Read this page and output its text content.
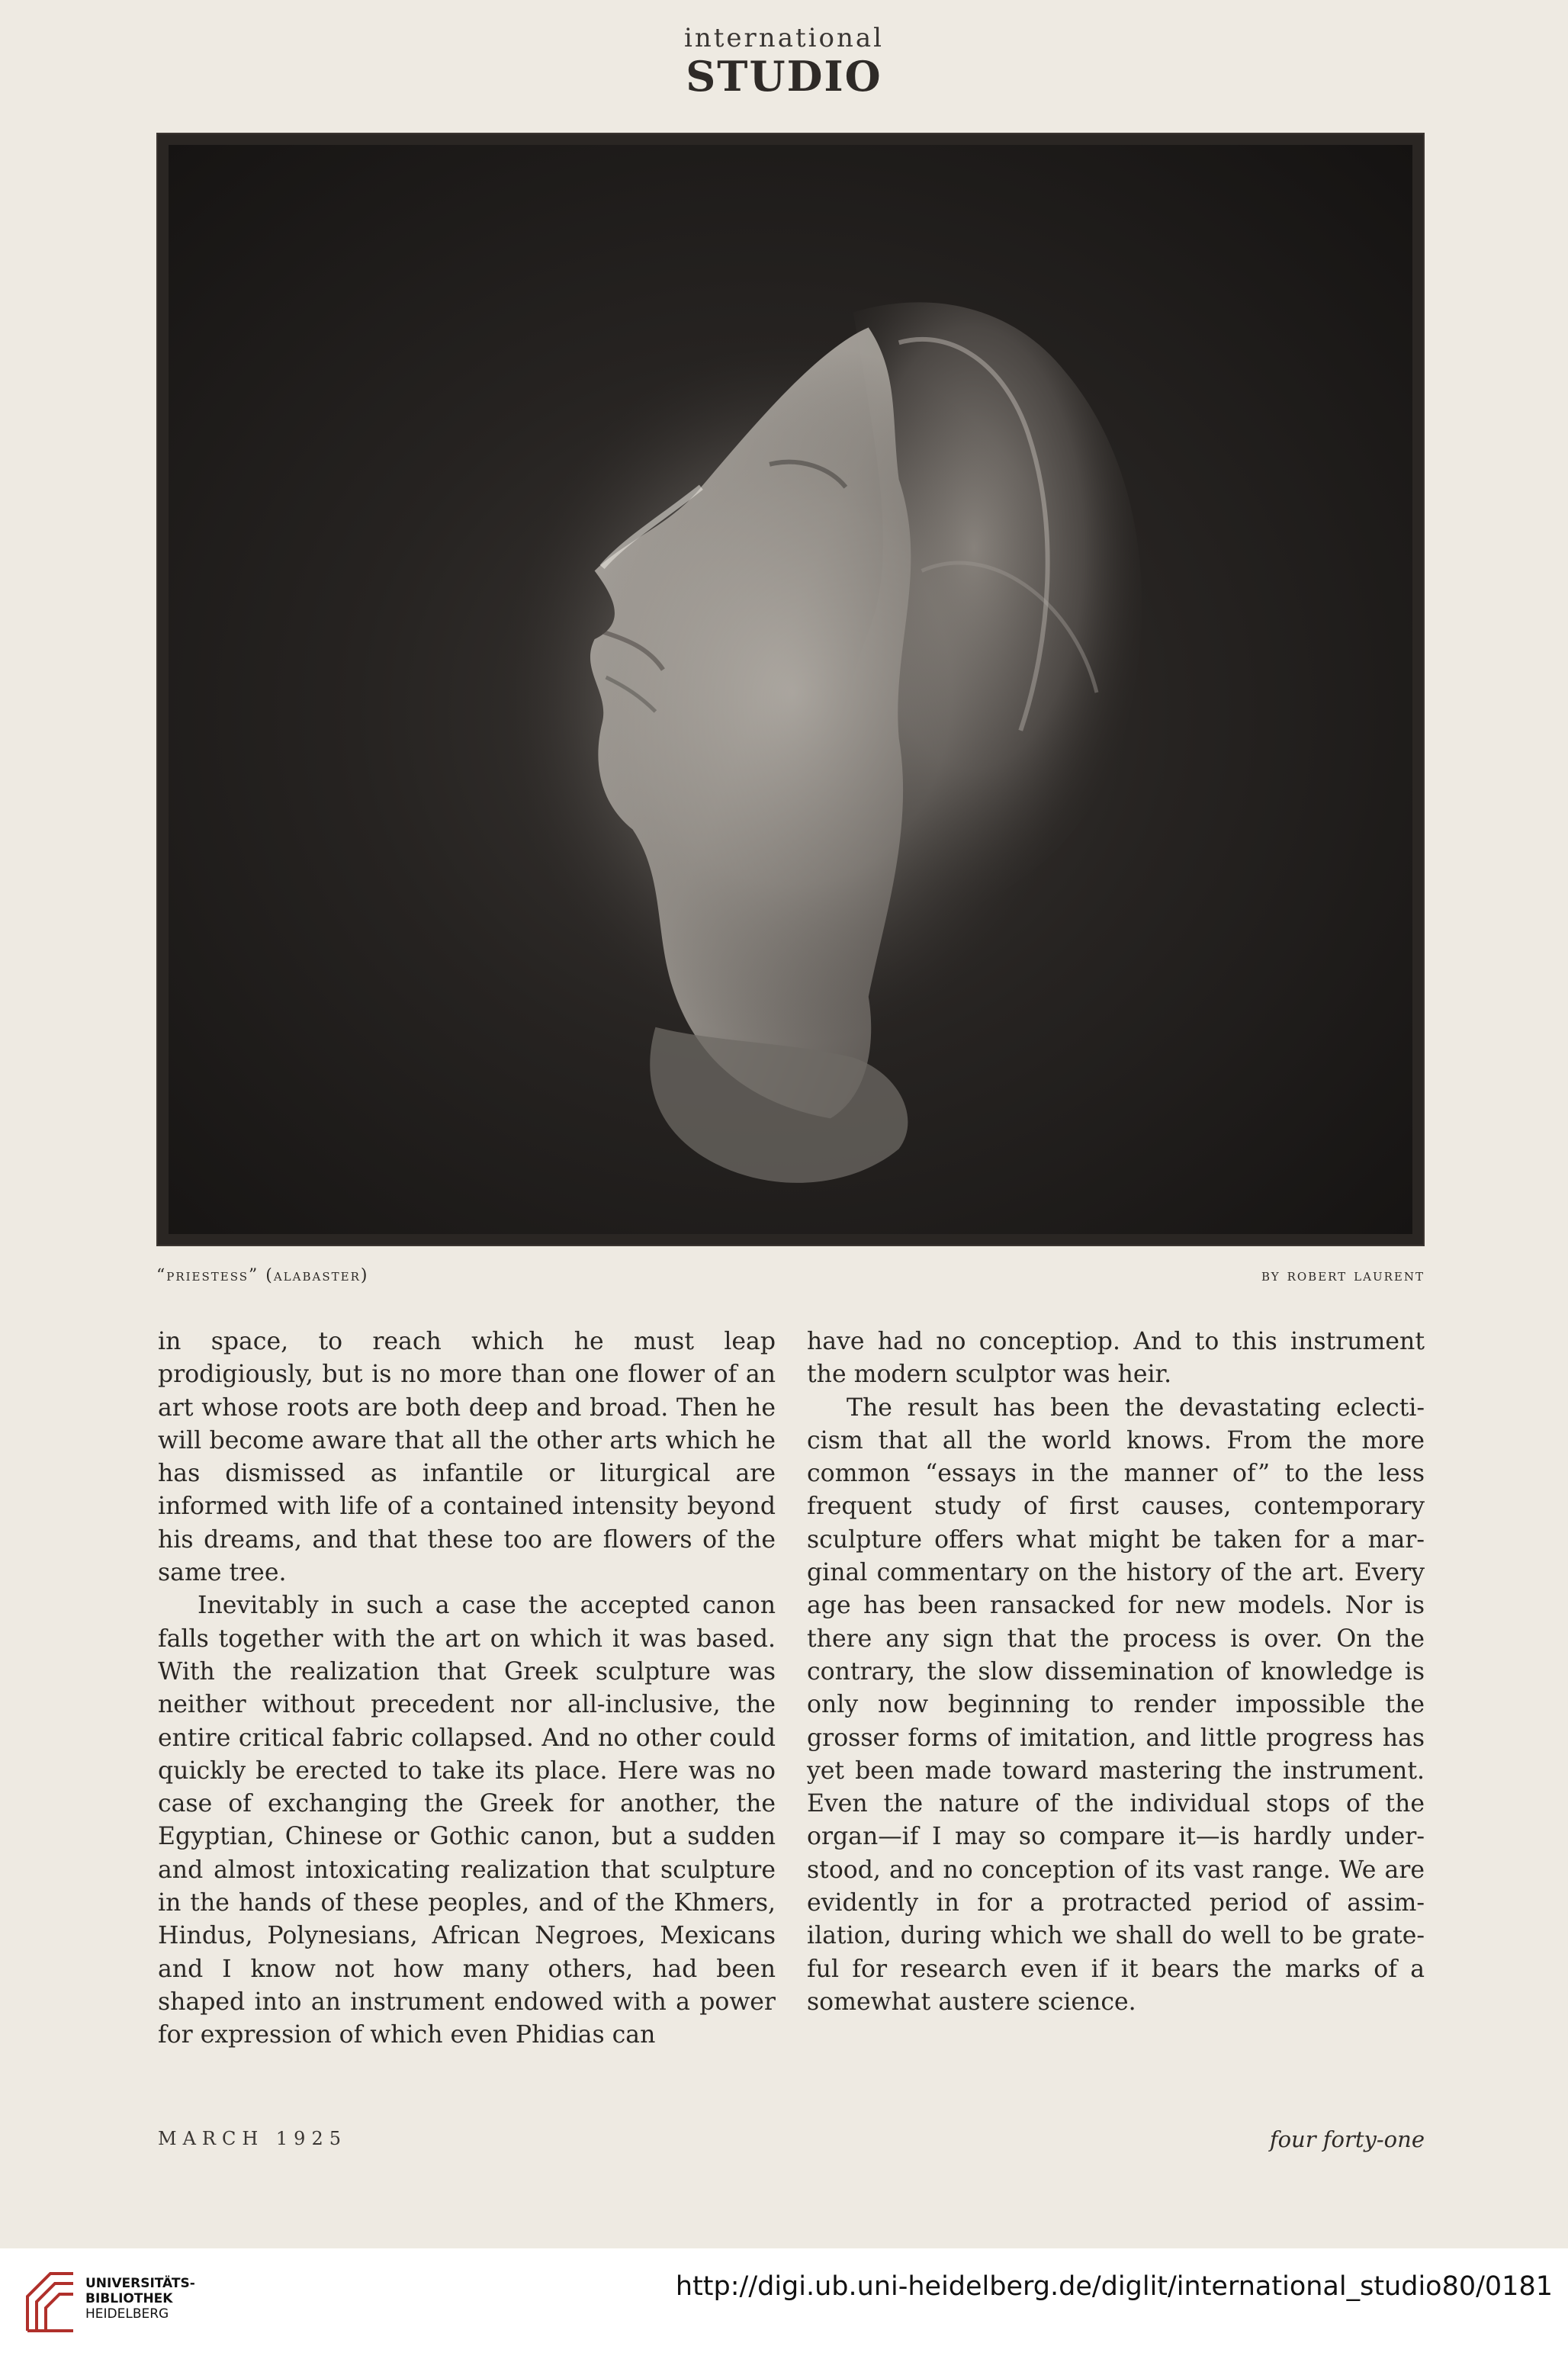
international
STUDIO
“priestess” (alabaster)	by robert laurent

in space, to reach which he must leap prodigiously, but is no more than one flower of an art whose roots are both deep and broad. Then he will become aware that all the other arts which he has dismissed as infantile or liturgical are informed with life of a contained intensity beyond his dreams, and that these too are flowers of the same tree.

Inevitably in such a case the accepted canon falls together with the art on which it was based. With the realization that Greek sculpture was neither without precedent nor all-inclusive, the entire critical fabric collapsed. And no other could quickly be erected to take its place. Here was no case of exchanging the Greek for another, the Egyptian, Chinese or Gothic canon, but a sudden and almost intoxicating realization that sculpture in the hands of these peoples, and of the Khmers, Hindus, Polynesians, African Negroes, Mexicans and I know not how many others, had been shaped into an instrument endowed with a power for expression of which even Phidias can

have had no conceptiop. And to this instrument the modern sculptor was heir.

The result has been the devastating eclecticism that all the world knows. From the more common “essays in the manner of” to the less frequent study of first causes, contemporary sculpture offers what might be taken for a marginal commentary on the history of the art. Every age has been ransacked for new models. Nor is there any sign that the process is over. On the contrary, the slow dissemination of knowledge is only now beginning to render impossible the grosser forms of imitation, and little progress has yet been made toward mastering the instrument. Even the nature of the individual stops of the organ—if I may so compare it—is hardly understood, and no conception of its vast range. We are evidently in for a protracted period of assimilation, during which we shall do well to be grateful for research even if it bears the marks of a somewhat austere science.

MARCH 1925	four forty-one
UNIVERSITÄTS-
BIBLIOTHEK
HEIDELBERG
http://digi.ub.uni-heidelberg.de/diglit/international_studio80/0181
